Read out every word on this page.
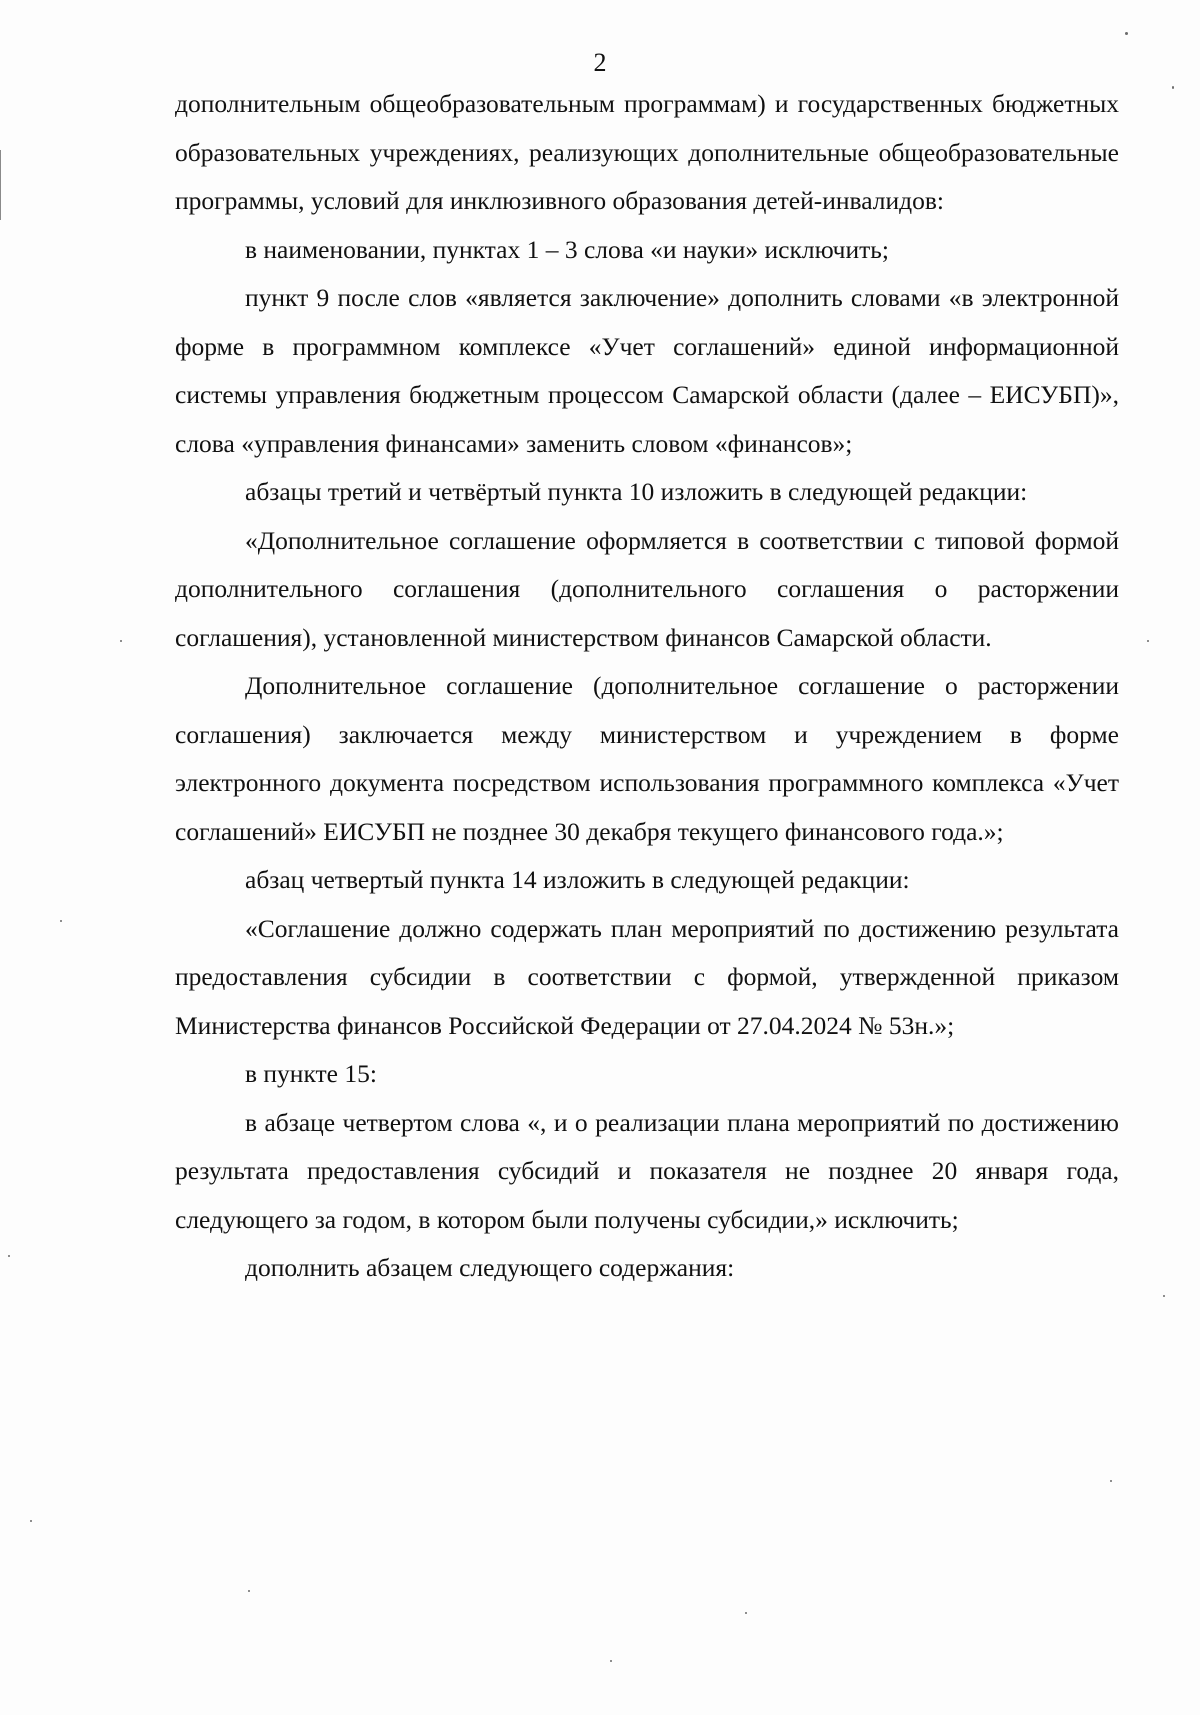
2

дополнительным общеобразовательным программам) и государственных бюджетных образовательных учреждениях, реализующих дополнительные общеобразовательные программы, условий для инклюзивного образования детей-инвалидов:

в наименовании, пунктах 1 – 3 слова «и науки» исключить;

пункт 9 после слов «является заключение» дополнить словами «в электронной форме в программном комплексе «Учет соглашений» единой информационной системы управления бюджетным процессом Самарской области (далее – ЕИСУБП)», слова «управления финансами» заменить словом «финансов»;

абзацы третий и четвёртый пункта 10 изложить в следующей редакции:

«Дополнительное соглашение оформляется в соответствии с типовой формой дополнительного соглашения (дополнительного соглашения о расторжении соглашения), установленной министерством финансов Самарской области.

Дополнительное соглашение (дополнительное соглашение о расторжении соглашения) заключается между министерством и учреждением в форме электронного документа посредством использования программного комплекса «Учет соглашений» ЕИСУБП не позднее 30 декабря текущего финансового года.»;

абзац четвертый пункта 14 изложить в следующей редакции:

«Соглашение должно содержать план мероприятий по достижению результата предоставления субсидии в соответствии с формой, утвержденной приказом Министерства финансов Российской Федерации от 27.04.2024 № 53н.»;

в пункте 15:

в абзаце четвертом слова «, и о реализации плана мероприятий по достижению результата предоставления субсидий и показателя не позднее 20 января года, следующего за годом, в котором были получены субсидии,» исключить;

дополнить абзацем следующего содержания:
